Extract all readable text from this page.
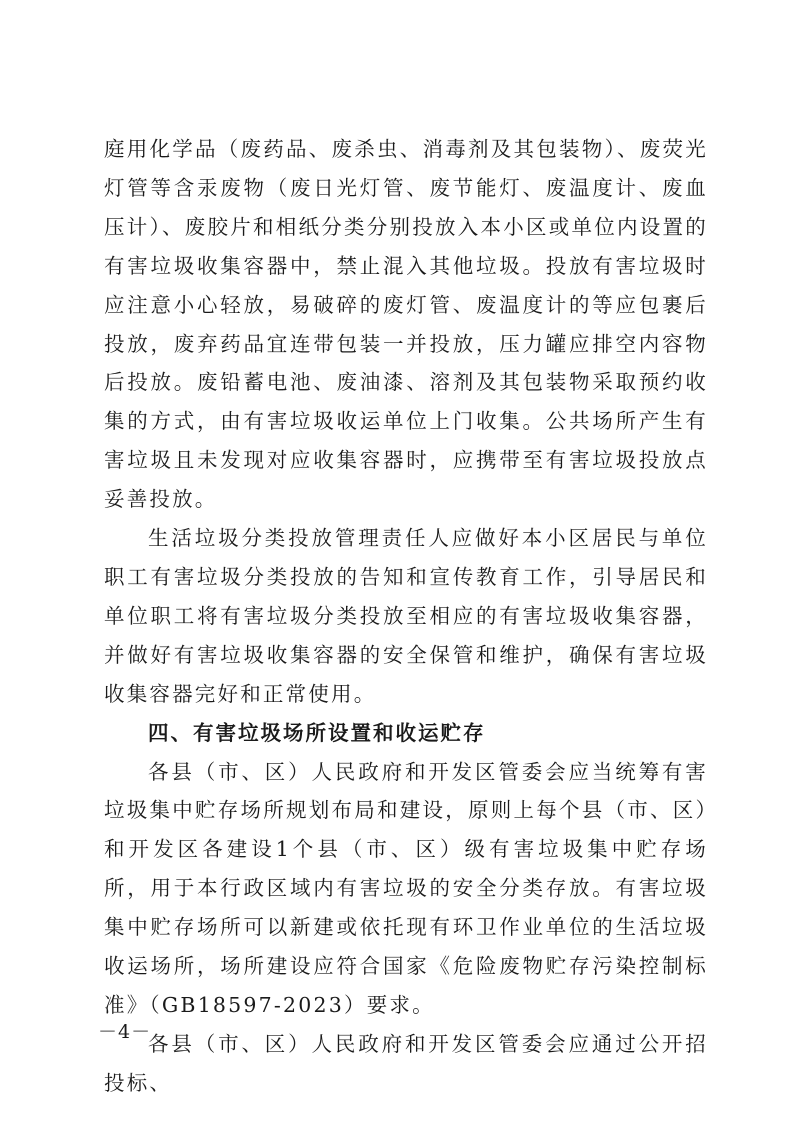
庭用化学品（废药品、废杀虫、消毒剂及其包装物）、废荧光灯管等含汞废物（废日光灯管、废节能灯、废温度计、废血压计）、废胶片和相纸分类分别投放入本小区或单位内设置的有害垃圾收集容器中，禁止混入其他垃圾。投放有害垃圾时应注意小心轻放，易破碎的废灯管、废温度计的等应包裹后投放，废弃药品宜连带包装一并投放，压力罐应排空内容物后投放。废铅蓄电池、废油漆、溶剂及其包装物采取预约收集的方式，由有害垃圾收运单位上门收集。公共场所产生有害垃圾且未发现对应收集容器时，应携带至有害垃圾投放点妥善投放。

生活垃圾分类投放管理责任人应做好本小区居民与单位职工有害垃圾分类投放的告知和宣传教育工作，引导居民和单位职工将有害垃圾分类投放至相应的有害垃圾收集容器，并做好有害垃圾收集容器的安全保管和维护，确保有害垃圾收集容器完好和正常使用。

四、有害垃圾场所设置和收运贮存

各县（市、区）人民政府和开发区管委会应当统筹有害垃圾集中贮存场所规划布局和建设，原则上每个县（市、区）和开发区各建设1个县（市、区）级有害垃圾集中贮存场所，用于本行政区域内有害垃圾的安全分类存放。有害垃圾集中贮存场所可以新建或依托现有环卫作业单位的生活垃圾收运场所，场所建设应符合国家《危险废物贮存污染控制标准》（GB18597-2023）要求。

各县（市、区）人民政府和开发区管委会应通过公开招投标、

－4－
